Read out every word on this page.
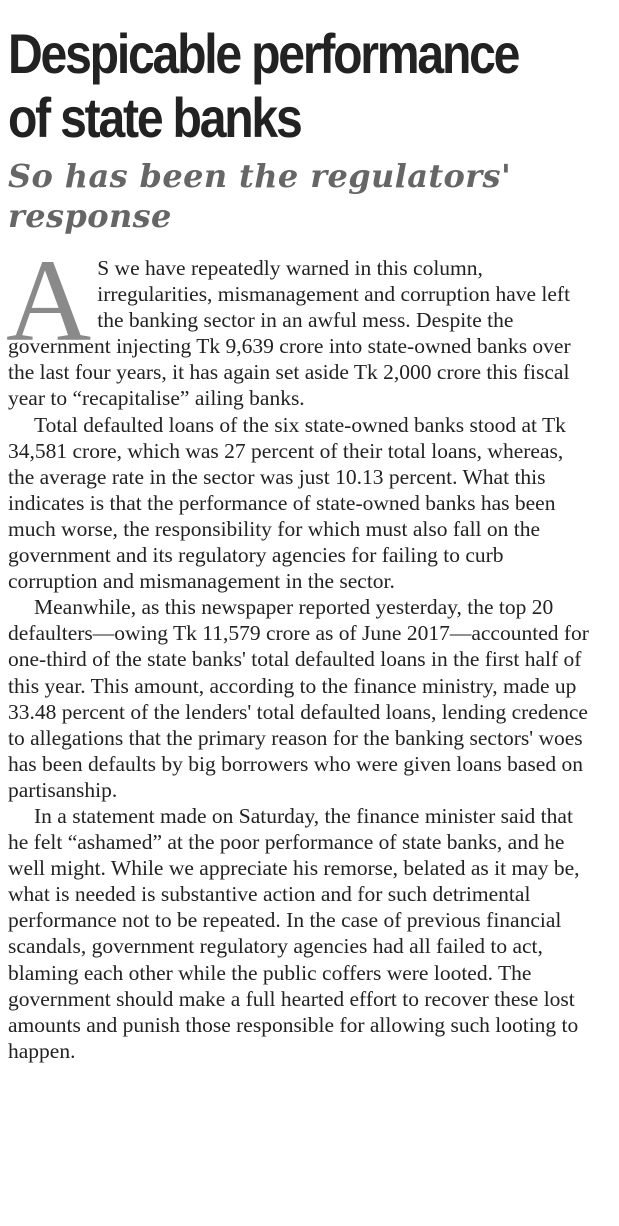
Despicable performance
of state banks
So has been the regulators'
response

A S we have repeatedly warned in this column, irregularities, mismanagement and corruption have left the banking sector in an awful mess. Despite the government injecting Tk 9,639 crore into state-owned banks over the last four years, it has again set aside Tk 2,000 crore this fiscal year to “recapitalise” ailing banks.

Total defaulted loans of the six state-owned banks stood at Tk 34,581 crore, which was 27 percent of their total loans, whereas, the average rate in the sector was just 10.13 percent. What this indicates is that the performance of state-owned banks has been much worse, the responsibility for which must also fall on the government and its regulatory agencies for failing to curb corruption and mismanagement in the sector.

Meanwhile, as this newspaper reported yesterday, the top 20 defaulters—owing Tk 11,579 crore as of June 2017—accounted for one-third of the state banks' total defaulted loans in the first half of this year. This amount, according to the finance ministry, made up 33.48 percent of the lenders' total defaulted loans, lending credence to allegations that the primary reason for the banking sectors' woes has been defaults by big borrowers who were given loans based on partisanship.

In a statement made on Saturday, the finance minister said that he felt “ashamed” at the poor performance of state banks, and he well might. While we appreciate his remorse, belated as it may be, what is needed is substantive action and for such detrimental performance not to be repeated. In the case of previous financial scandals, government regulatory agencies had all failed to act, blaming each other while the public coffers were looted. The government should make a full hearted effort to recover these lost amounts and punish those responsible for allowing such looting to happen.
